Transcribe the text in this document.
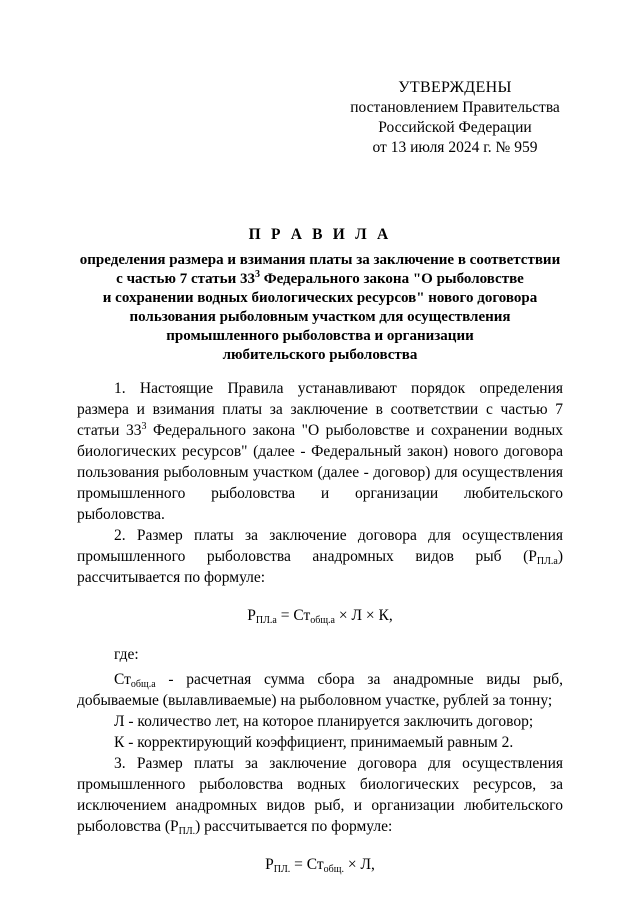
УТВЕРЖДЕНЫ
постановлением Правительства
Российской Федерации
от 13 июля 2024 г. № 959
П Р А В И Л А
определения размера и взимания платы за заключение в соответствии
с частью 7 статьи $33^3$ Федерального закона "О рыболовстве
и сохранении водных биологических ресурсов" нового договора
пользования рыболовным участком для осуществления
промышленного рыболовства и организации
любительского рыболовства

1. Настоящие Правила устанавливают порядок определения размера и взимания платы за заключение в соответствии с частью 7 статьи $33^3$ Федерального закона "О рыболовстве и сохранении водных биологических ресурсов" (далее - Федеральный закон) нового договора пользования рыболовным участком (далее - договор) для осуществления промышленного рыболовства и организации любительского рыболовства.

2. Размер платы за заключение договора для осуществления промышленного рыболовства анадромных видов рыб $(Р_{ПЛ.а})$ рассчитывается по формуле:

$Р_{ПЛ.а} = Ст_{общ.а} \times Л \times К$,

где:

$Ст_{общ.а}$ - расчетная сумма сбора за анадромные виды рыб, добываемые (вылавливаемые) на рыболовном участке, рублей за тонну;

Л - количество лет, на которое планируется заключить договор;

К - корректирующий коэффициент, принимаемый равным 2.

3. Размер платы за заключение договора для осуществления промышленного рыболовства водных биологических ресурсов, за исключением анадромных видов рыб, и организации любительского рыболовства $(Р_{ПЛ.})$ рассчитывается по формуле:

$Р_{ПЛ.} = Ст_{общ.} \times Л$,
